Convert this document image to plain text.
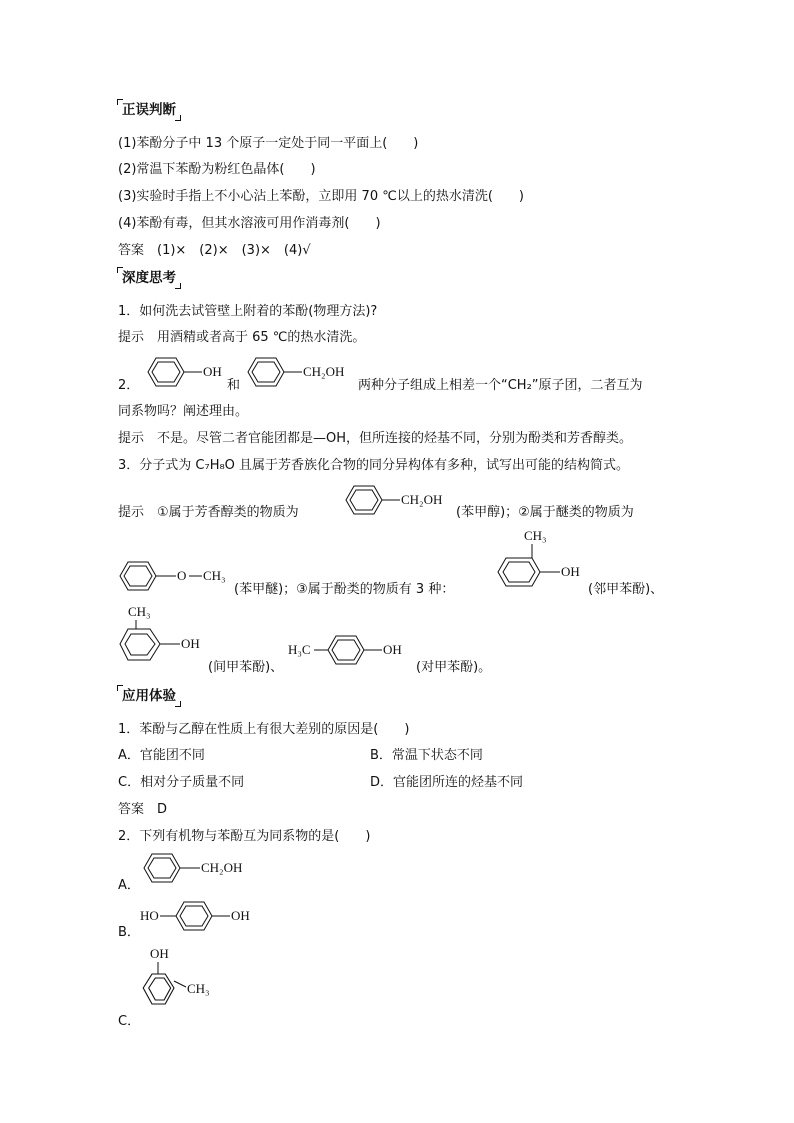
正误判断
(1)苯酚分子中 13 个原子一定处于同一平面上(　　)
(2)常温下苯酚为粉红色晶体(　　)
(3)实验时手指上不小心沾上苯酚，立即用 70 ℃以上的热水清洗(　　)
(4)苯酚有毒，但其水溶液可用作消毒剂(　　)
答案　(1)×　(2)×　(3)×　(4)√
深度思考
1．如何洗去试管壁上附着的苯酚(物理方法)?
提示　用酒精或者高于 65 ℃的热水清洗。
2．
OH
和
CH₂OH
两种分子组成上相差一个“CH₂”原子团，二者互为
同系物吗？阐述理由。
提示　不是。尽管二者官能团都是—OH，但所连接的烃基不同，分别为酚类和芳香醇类。
3．分子式为 C₇H₈O 且属于芳香族化合物的同分异构体有多种，试写出可能的结构简式。
提示　①属于芳香醇类的物质为
CH₂OH
(苯甲醇)；②属于醚类的物质为
O CH₃
(苯甲醚)；③属于酚类的物质有 3 种：
CH₃
OH
(邻甲苯酚)、
CH₃
OH
(间甲苯酚)、
H₃C	OH
(对甲苯酚)。
应用体验
1．苯酚与乙醇在性质上有很大差别的原因是(　　)
A．官能团不同	B．常温下状态不同
C．相对分子质量不同	D．官能团所连的烃基不同
答案　D
2．下列有机物与苯酚互为同系物的是(　　)
A．
CH₂OH
B．
HO	OH
C．
OH
CH₃
